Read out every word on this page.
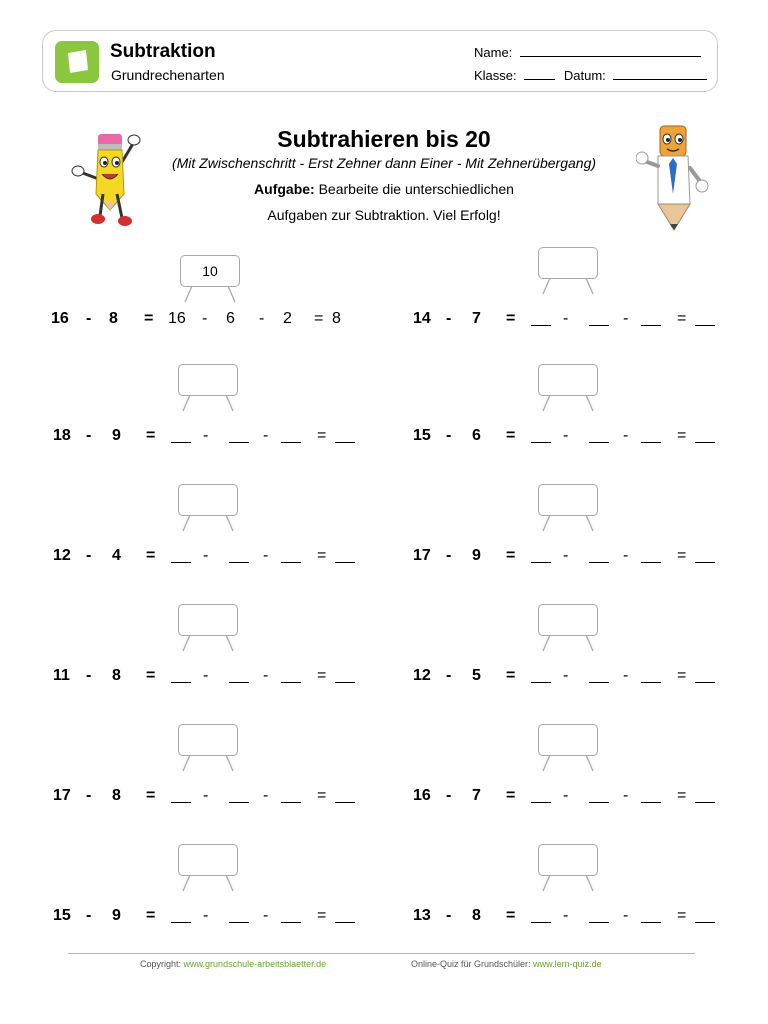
Subtraktion
Grundrechenarten
Name:
Klasse:	Datum:
Subtrahieren bis 20
(Mit Zwischenschritt - Erst Zehner dann Einer - Mit Zehnerübergang)
Aufgabe: Bearbeite die unterschiedlichen
Aufgaben zur Subtraktion. Viel Erfolg!
10
16 - 8 = 16 - 6 - 2 = 8
18 - 9 =	-	-	=
12 - 4 =	-	-	=
11 - 8 =	-	-	=
17 - 8 =	-	-	=
15 - 9 =	-	-	=
14 - 7 =	-	-	=
15 - 6 =	-	-	=
17 - 9 =	-	-	=
12 - 5 =	-	-	=
16 - 7 =	-	-	=
13 - 8 =	-	-	=
Copyright: www.grundschule-arbeitsblaetter.de	Online-Quiz für Grundschüler: www.lern-quiz.de
